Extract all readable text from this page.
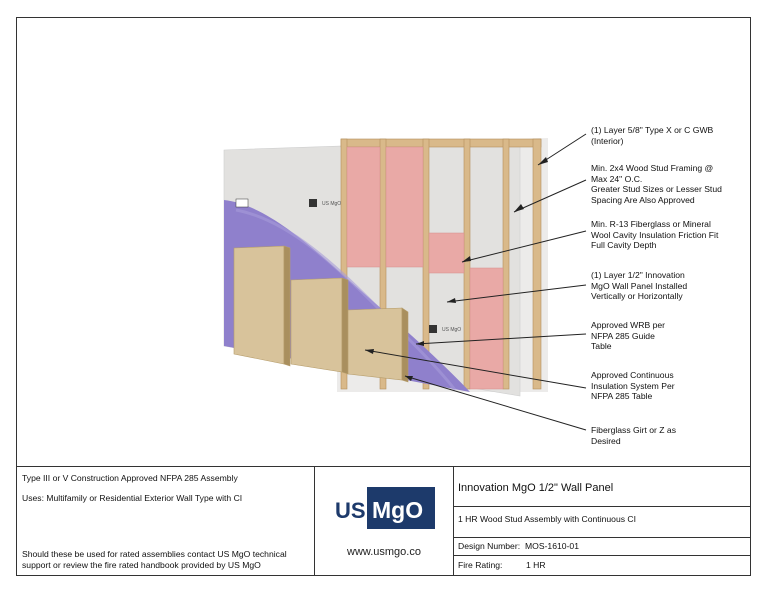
US MgO
US MgO
(1) Layer 5/8" Type X or C GWB
(Interior)
Min. 2x4 Wood Stud Framing @
Max 24" O.C.
Greater Stud Sizes or Lesser Stud
Spacing Are Also Approved
Min. R-13 Fiberglass or Mineral
Wool Cavity Insulation Friction Fit
Full Cavity Depth
(1) Layer 1/2" Innovation
MgO Wall Panel Installed
Vertically or Horizontally
Approved WRB per
NFPA 285 Guide
Table
Approved Continuous
Insulation System Per
NFPA 285 Table
Fiberglass Girt or Z as
Desired
Type III or V Construction Approved NFPA 285 Assembly
Uses: Multifamily or Residential Exterior Wall Type with CI
Should these be used for rated assemblies contact US MgO technical support or review the fire rated handbook provided by US MgO
US MgO
www.usmgo.co
Innovation MgO 1/2" Wall Panel
1 HR Wood Stud Assembly with Continuous CI
Design Number: MOS-1610-01
Fire Rating:	1 HR
